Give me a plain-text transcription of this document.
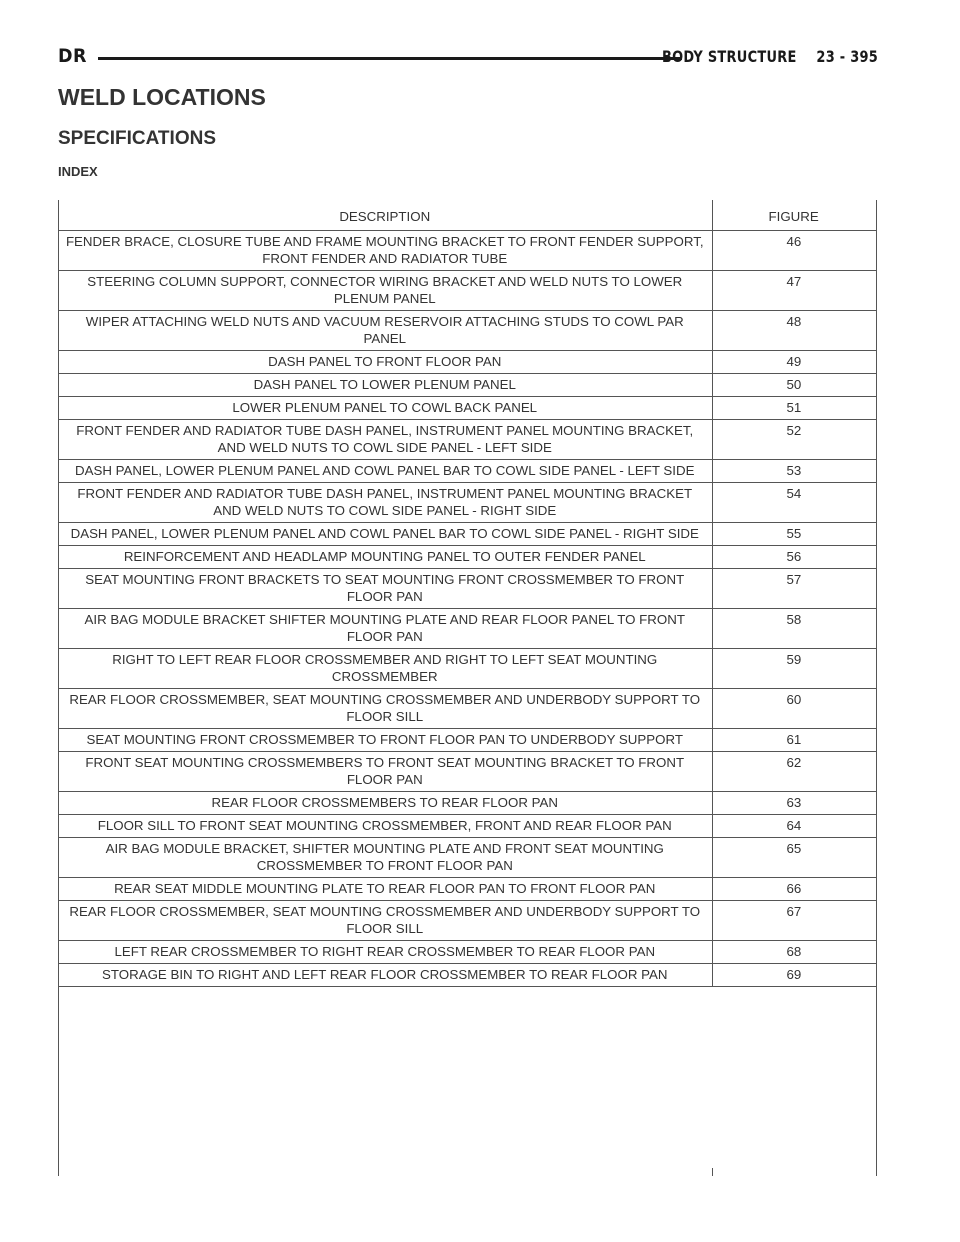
DR	BODY STRUCTURE 23 - 395
WELD LOCATIONS
SPECIFICATIONS
INDEX
DESCRIPTION	FIGURE
FENDER BRACE, CLOSURE TUBE AND FRAME MOUNTING BRACKET TO FRONT FENDER SUPPORT, FRONT FENDER AND RADIATOR TUBE	46
STEERING COLUMN SUPPORT, CONNECTOR WIRING BRACKET AND WELD NUTS TO LOWER PLENUM PANEL	47
WIPER ATTACHING WELD NUTS AND VACUUM RESERVOIR ATTACHING STUDS TO COWL PAR PANEL	48
DASH PANEL TO FRONT FLOOR PAN	49
DASH PANEL TO LOWER PLENUM PANEL	50
LOWER PLENUM PANEL TO COWL BACK PANEL	51
FRONT FENDER AND RADIATOR TUBE DASH PANEL, INSTRUMENT PANEL MOUNTING BRACKET, AND WELD NUTS TO COWL SIDE PANEL - LEFT SIDE	52
DASH PANEL, LOWER PLENUM PANEL AND COWL PANEL BAR TO COWL SIDE PANEL - LEFT SIDE	53
FRONT FENDER AND RADIATOR TUBE DASH PANEL, INSTRUMENT PANEL MOUNTING BRACKET AND WELD NUTS TO COWL SIDE PANEL - RIGHT SIDE	54
DASH PANEL, LOWER PLENUM PANEL AND COWL PANEL BAR TO COWL SIDE PANEL - RIGHT SIDE	55
REINFORCEMENT AND HEADLAMP MOUNTING PANEL TO OUTER FENDER PANEL	56
SEAT MOUNTING FRONT BRACKETS TO SEAT MOUNTING FRONT CROSSMEMBER TO FRONT FLOOR PAN	57
AIR BAG MODULE BRACKET SHIFTER MOUNTING PLATE AND REAR FLOOR PANEL TO FRONT FLOOR PAN	58
RIGHT TO LEFT REAR FLOOR CROSSMEMBER AND RIGHT TO LEFT SEAT MOUNTING CROSSMEMBER	59
REAR FLOOR CROSSMEMBER, SEAT MOUNTING CROSSMEMBER AND UNDERBODY SUPPORT TO FLOOR SILL	60
SEAT MOUNTING FRONT CROSSMEMBER TO FRONT FLOOR PAN TO UNDERBODY SUPPORT	61
FRONT SEAT MOUNTING CROSSMEMBERS TO FRONT SEAT MOUNTING BRACKET TO FRONT FLOOR PAN	62
REAR FLOOR CROSSMEMBERS TO REAR FLOOR PAN	63
FLOOR SILL TO FRONT SEAT MOUNTING CROSSMEMBER, FRONT AND REAR FLOOR PAN	64
AIR BAG MODULE BRACKET, SHIFTER MOUNTING PLATE AND FRONT SEAT MOUNTING CROSSMEMBER TO FRONT FLOOR PAN	65
REAR SEAT MIDDLE MOUNTING PLATE TO REAR FLOOR PAN TO FRONT FLOOR PAN	66
REAR FLOOR CROSSMEMBER, SEAT MOUNTING CROSSMEMBER AND UNDERBODY SUPPORT TO FLOOR SILL	67
LEFT REAR CROSSMEMBER TO RIGHT REAR CROSSMEMBER TO REAR FLOOR PAN	68
STORAGE BIN TO RIGHT AND LEFT REAR FLOOR CROSSMEMBER TO REAR FLOOR PAN	69
